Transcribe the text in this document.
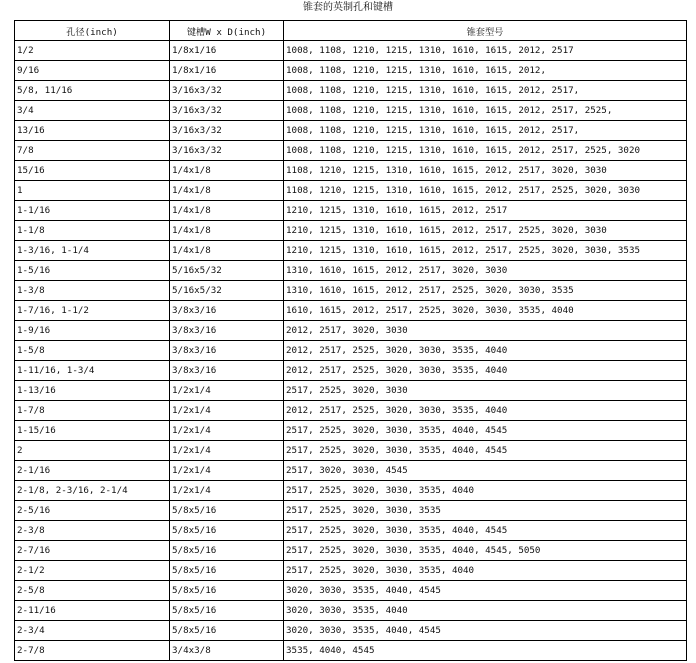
锥套的英制孔和键槽
孔径(inch)	键槽W x D(inch)	锥套型号
1/2	1/8x1/16	1008, 1108, 1210, 1215, 1310, 1610, 1615, 2012, 2517
9/16	1/8x1/16	1008, 1108, 1210, 1215, 1310, 1610, 1615, 2012,
5/8, 11/16	3/16x3/32	1008, 1108, 1210, 1215, 1310, 1610, 1615, 2012, 2517,
3/4	3/16x3/32	1008, 1108, 1210, 1215, 1310, 1610, 1615, 2012, 2517, 2525,
13/16	3/16x3/32	1008, 1108, 1210, 1215, 1310, 1610, 1615, 2012, 2517,
7/8	3/16x3/32	1008, 1108, 1210, 1215, 1310, 1610, 1615, 2012, 2517, 2525, 3020
15/16	1/4x1/8	1108, 1210, 1215, 1310, 1610, 1615, 2012, 2517, 3020, 3030
1	1/4x1/8	1108, 1210, 1215, 1310, 1610, 1615, 2012, 2517, 2525, 3020, 3030
1-1/16	1/4x1/8	1210, 1215, 1310, 1610, 1615, 2012, 2517
1-1/8	1/4x1/8	1210, 1215, 1310, 1610, 1615, 2012, 2517, 2525, 3020, 3030
1-3/16, 1-1/4	1/4x1/8	1210, 1215, 1310, 1610, 1615, 2012, 2517, 2525, 3020, 3030, 3535
1-5/16	5/16x5/32	1310, 1610, 1615, 2012, 2517, 3020, 3030
1-3/8	5/16x5/32	1310, 1610, 1615, 2012, 2517, 2525, 3020, 3030, 3535
1-7/16, 1-1/2	3/8x3/16	1610, 1615, 2012, 2517, 2525, 3020, 3030, 3535, 4040
1-9/16	3/8x3/16	2012, 2517, 3020, 3030
1-5/8	3/8x3/16	2012, 2517, 2525, 3020, 3030, 3535, 4040
1-11/16, 1-3/4	3/8x3/16	2012, 2517, 2525, 3020, 3030, 3535, 4040
1-13/16	1/2x1/4	2517, 2525, 3020, 3030
1-7/8	1/2x1/4	2012, 2517, 2525, 3020, 3030, 3535, 4040
1-15/16	1/2x1/4	2517, 2525, 3020, 3030, 3535, 4040, 4545
2	1/2x1/4	2517, 2525, 3020, 3030, 3535, 4040, 4545
2-1/16	1/2x1/4	2517, 3020, 3030, 4545
2-1/8, 2-3/16, 2-1/4	1/2x1/4	2517, 2525, 3020, 3030, 3535, 4040
2-5/16	5/8x5/16	2517, 2525, 3020, 3030, 3535
2-3/8	5/8x5/16	2517, 2525, 3020, 3030, 3535, 4040, 4545
2-7/16	5/8x5/16	2517, 2525, 3020, 3030, 3535, 4040, 4545, 5050
2-1/2	5/8x5/16	2517, 2525, 3020, 3030, 3535, 4040
2-5/8	5/8x5/16	3020, 3030, 3535, 4040, 4545
2-11/16	5/8x5/16	3020, 3030, 3535, 4040
2-3/4	5/8x5/16	3020, 3030, 3535, 4040, 4545
2-7/8	3/4x3/8	3535, 4040, 4545
